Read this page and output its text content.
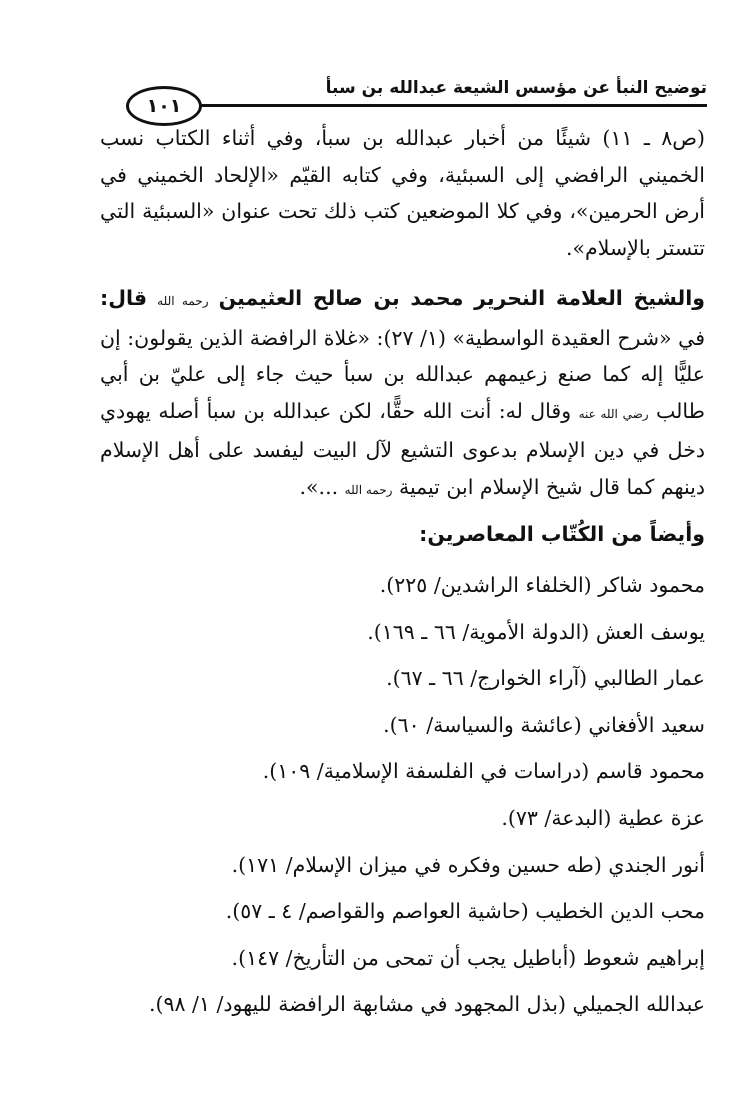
توضيح النبأ عن مؤسس الشيعة عبدالله بن سبأ
١٠١

(ص٨ ـ ١١) شيئًا من أخبار عبدالله بن سبأ، وفي أثناء الكتاب نسب الخميني الرافضي إلى السبئية، وفي كتابه القيّم «الإلحاد الخميني في أرض الحرمين»، وفي كلا الموضعين كتب ذلك تحت عنوان «السبئية التي تتستر بالإسلام».

والشيخ العلامة النحرير محمد بن صالح العثيمين رحمه الله قال: في «شرح العقيدة الواسطية» (١/ ٢٧): «غلاة الرافضة الذين يقولون: إن عليًّا إله كما صنع زعيمهم عبدالله بن سبأ حيث جاء إلى عليّ بن أبي طالب رضي الله عنه وقال له: أنت الله حقًّا، لكن عبدالله بن سبأ أصله يهودي دخل في دين الإسلام بدعوى التشيع لآل البيت ليفسد على أهل الإسلام دينهم كما قال شيخ الإسلام ابن تيمية رحمه الله ...».

وأيضاً من الكُتّاب المعاصرين:
محمود شاكر (الخلفاء الراشدين/ ٢٢٥).
يوسف العش (الدولة الأموية/ ٦٦ ـ ١٦٩).
عمار الطالبي (آراء الخوارج/ ٦٦ ـ ٦٧).
سعيد الأفغاني (عائشة والسياسة/ ٦٠).
محمود قاسم (دراسات في الفلسفة الإسلامية/ ١٠٩).
عزة عطية (البدعة/ ٧٣).
أنور الجندي (طه حسين وفكره في ميزان الإسلام/ ١٧١).
محب الدين الخطيب (حاشية العواصم والقواصم/ ٤ ـ ٥٧).
إبراهيم شعوط (أباطيل يجب أن تمحى من التأريخ/ ١٤٧).
عبدالله الجميلي (بذل المجهود في مشابهة الرافضة لليهود/ ١/ ٩٨).
